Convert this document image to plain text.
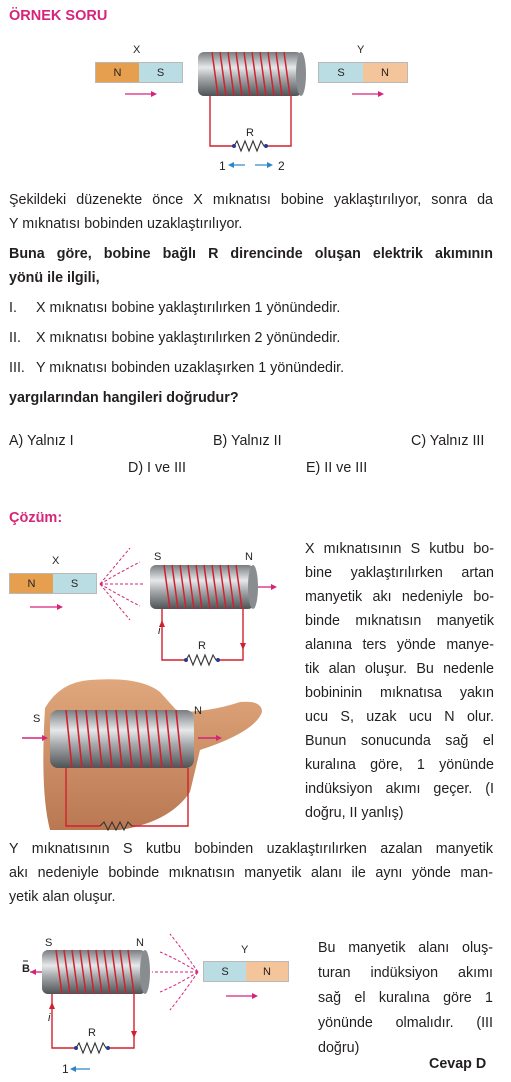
ÖRNEK SORU
X	Y
N	S	S	N
R
1	2
Şekildeki düzenekte önce X mıknatısı bobine yaklaştırılıyor, sonra da
Y mıknatısı bobinden uzaklaştırılıyor.
Buna göre, bobine bağlı R direncinde oluşan elektrik akımının
yönü ile ilgili,
I. X mıknatısı bobine yaklaştırılırken 1 yönündedir.
II. X mıknatısı bobine yaklaştırılırken 2 yönündedir.
III. Y mıknatısı bobinden uzaklaşırken 1 yönündedir.
yargılarından hangileri doğrudur?
A) Yalnız I	B) Yalnız II	C) Yalnız III
D) I ve III	E) II ve III
Çözüm:
X
N	S
S	N
i
R
S
N
X mıknatısının S kutbu bo-
bine yaklaştırılırken artan
manyetik akı nedeniyle bo-
binde mıknatısın manyetik
alanına ters yönde manye-
tik alan oluşur. Bu nedenle
bobininin mıknatısa yakın
ucu S, uzak ucu N olur.
Bunun sonucunda sağ el
kuralına göre, 1 yönünde
indüksiyon akımı geçer. (I
doğru, II yanlış)
Y mıknatısının S kutbu bobinden uzaklaştırılırken azalan manyetik
akı nedeniyle bobinde mıknatısın manyetik alanı ile aynı yönde man-
yetik alan oluşur.
S	N
Y
B	S	N
i
R
1
Bu manyetik alanı oluş-
turan indüksiyon akımı
sağ el kuralına göre 1
yönünde olmalıdır. (III
doğru)
Cevap D
